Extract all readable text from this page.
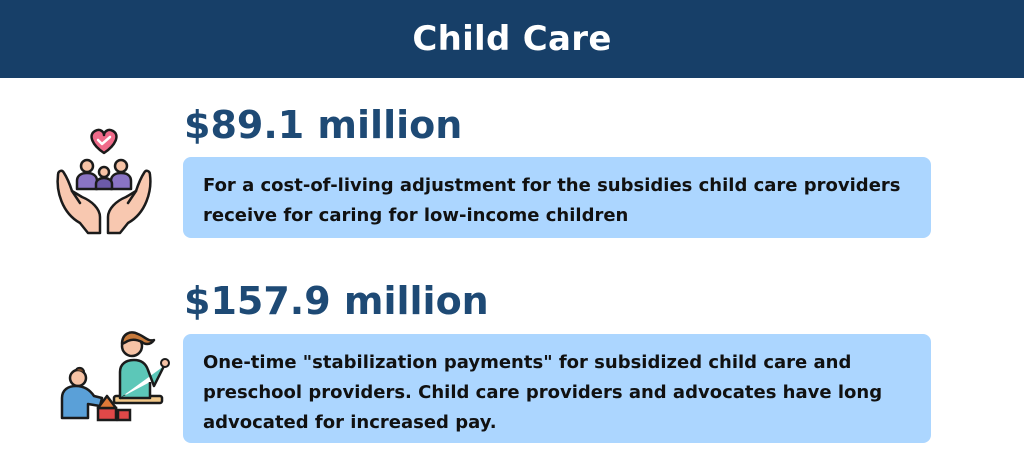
Child Care
$89.1 million
For a cost-of-living adjustment for the subsidies child care providers receive for caring for low-income children
$157.9 million
One-time "stabilization payments" for subsidized child care and preschool providers. Child care providers and advocates have long advocated for increased pay.
